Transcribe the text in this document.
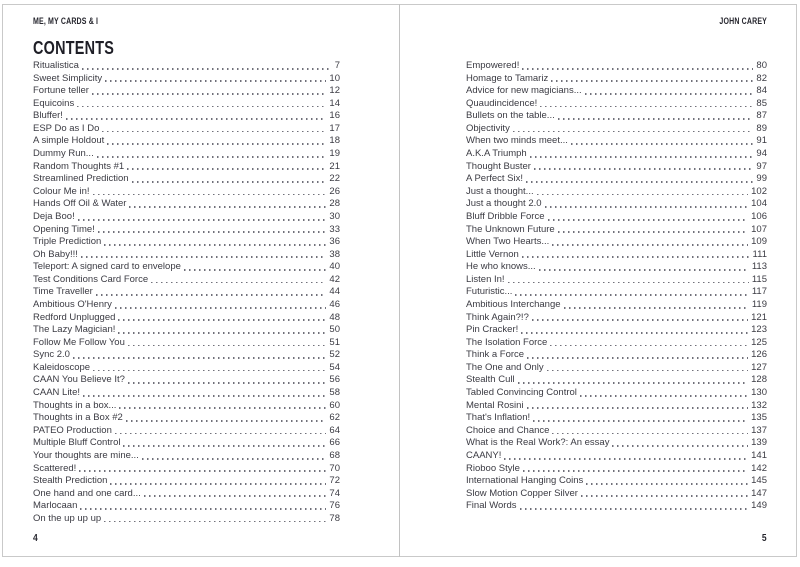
ME, MY CARDS & I	JOHN CAREY
CONTENTS
Ritualistica	7
Sweet Simplicity	10
Fortune teller	12
Equicoins	14
Bluffer!	16
ESP Do as I Do	17
A simple Holdout	18
Dummy Run...	19
Random Thoughts #1	21
Streamlined Prediction	22
Colour Me in!	26
Hands Off Oil & Water	28
Deja Boo!	30
Opening Time!	33
Triple Prediction	36
Oh Baby!!!	38
Teleport: A signed card to envelope	40
Test Conditions Card Force	42
Time Traveller	44
Ambitious O'Henry	46
Redford Unplugged	48
The Lazy Magician!	50
Follow Me Follow You	51
Sync 2.0	52
Kaleidoscope	54
CAAN You Believe It?	56
CAAN Lite!	58
Thoughts in a box...	60
Thoughts in a Box #2	62
PATEO Production	64
Multiple Bluff Control	66
Your thoughts are mine...	68
Scattered!	70
Stealth Prediction	72
One hand and one card...	74
Marlocaan	76
On the up up up	78
Empowered!	80
Homage to Tamariz	82
Advice for new magicians...	84
Quaudincidence!	85
Bullets on the table...	87
Objectivity	89
When two minds meet...	91
A.K.A Triumph	94
Thought Buster	97
A Perfect Six!	99
Just a thought...	102
Just a thought 2.0	104
Bluff Dribble Force	106
The Unknown Future	107
When Two Hearts...	109
Little Vernon	111
He who knows...	113
Listen In!	115
Futuristic...	117
Ambitious Interchange	119
Think Again?!?	121
Pin Cracker!	123
The Isolation Force	125
Think a Force	126
The One and Only	127
Stealth Cull	128
Tabled Convincing Control	130
Mental Rosini	132
That's Inflation!	135
Choice and Chance	137
What is the Real Work?: An essay	139
CAANY!	141
Rioboo Style	142
International Hanging Coins	145
Slow Motion Copper Silver	147
Final Words	149
4	5
